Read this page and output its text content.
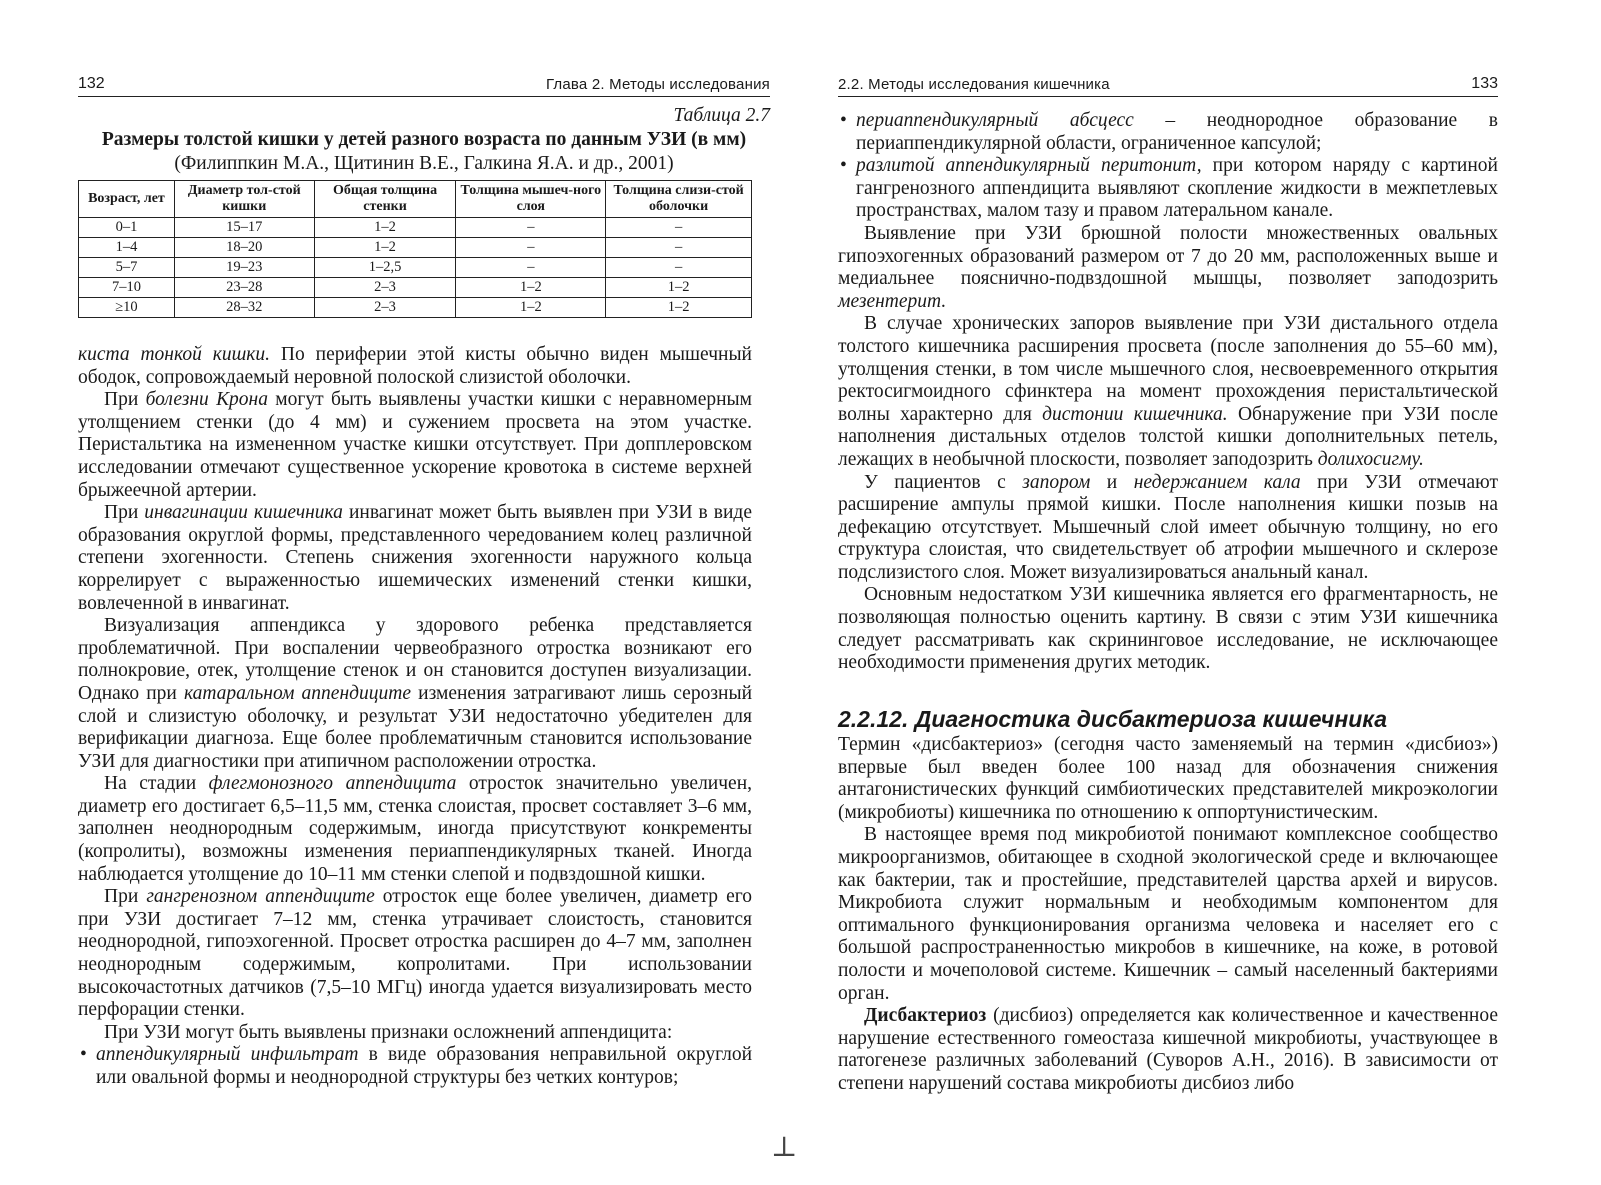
132	Глава 2. Методы исследования
Таблица 2.7
Размеры толстой кишки у детей разного возраста по данным УЗИ (в мм)
(Филиппкин М.А., Щитинин В.Е., Галкина Я.А. и др., 2001)
Возраст, лет	Диаметр тол-стой кишки	Общая толщина стенки	Толщина мышеч-ного слоя	Толщина слизи-стой оболочки
0–1	15–17	1–2	–	–
1–4	18–20	1–2	–	–
5–7	19–23	1–2,5	–	–
7–10	23–28	2–3	1–2	1–2
≥10	28–32	2–3	1–2	1–2

киста тонкой кишки. По периферии этой кисты обычно виден мышечный ободок, сопровождаемый неровной полоской слизистой оболочки.

При болезни Крона могут быть выявлены участки кишки с неравномерным утолщением стенки (до 4 мм) и сужением просвета на этом участке. Перистальтика на измененном участке кишки отсутствует. При допплеровском исследовании отмечают существенное ускорение кровотока в системе верхней брыжеечной артерии.

При инвагинации кишечника инвагинат может быть выявлен при УЗИ в виде образования округлой формы, представленного чередованием колец различной степени эхогенности. Степень снижения эхогенности наружного кольца коррелирует с выраженностью ишемических изменений стенки кишки, вовлеченной в инвагинат.

Визуализация аппендикса у здорового ребенка представляется проблематичной. При воспалении червеобразного отростка возникают его полнокровие, отек, утолщение стенок и он становится доступен визуализации. Однако при катаральном аппендиците изменения затрагивают лишь серозный слой и слизистую оболочку, и результат УЗИ недостаточно убедителен для верификации диагноза. Еще более проблематичным становится использование УЗИ для диагностики при атипичном расположении отростка.

На стадии флегмонозного аппендицита отросток значительно увеличен, диаметр его достигает 6,5–11,5 мм, стенка слоистая, просвет составляет 3–6 мм, заполнен неоднородным содержимым, иногда присутствуют конкременты (копролиты), возможны изменения периаппендикулярных тканей. Иногда наблюдается утолщение до 10–11 мм стенки слепой и подвздошной кишки.

При гангренозном аппендиците отросток еще более увеличен, диаметр его при УЗИ достигает 7–12 мм, стенка утрачивает слоистость, становится неоднородной, гипоэхогенной. Просвет отростка расширен до 4–7 мм, заполнен неоднородным содержимым, копролитами. При использовании высокочастотных датчиков (7,5–10 МГц) иногда удается визуализировать место перфорации стенки.

При УЗИ могут быть выявлены признаки осложнений аппендицита:

• аппендикулярный инфильтрат в виде образования неправильной округлой или овальной формы и неоднородной структуры без четких контуров;
2.2. Методы исследования кишечника	133
• периаппендикулярный абсцесс – неоднородное образование в периаппендикулярной области, ограниченное капсулой;
• разлитой аппендикулярный перитонит, при котором наряду с картиной гангренозного аппендицита выявляют скопление жидкости в межпетлевых пространствах, малом тазу и правом латеральном канале.

Выявление при УЗИ брюшной полости множественных овальных гипоэхогенных образований размером от 7 до 20 мм, расположенных выше и медиальнее пояснично-подвздошной мышцы, позволяет заподозрить мезентерит.

В случае хронических запоров выявление при УЗИ дистального отдела толстого кишечника расширения просвета (после заполнения до 55–60 мм), утолщения стенки, в том числе мышечного слоя, несвоевременного открытия ректосигмоидного сфинктера на момент прохождения перистальтической волны характерно для дистонии кишечника. Обнаружение при УЗИ после наполнения дистальных отделов толстой кишки дополнительных петель, лежащих в необычной плоскости, позволяет заподозрить долихосигму.

У пациентов с запором и недержанием кала при УЗИ отмечают расширение ампулы прямой кишки. После наполнения кишки позыв на дефекацию отсутствует. Мышечный слой имеет обычную толщину, но его структура слоистая, что свидетельствует об атрофии мышечного и склерозе подслизистого слоя. Может визуализироваться анальный канал.

Основным недостатком УЗИ кишечника является его фрагментарность, не позволяющая полностью оценить картину. В связи с этим УЗИ кишечника следует рассматривать как скрининговое исследование, не исключающее необходимости применения других методик.

2.2.12. Диагностика дисбактериоза кишечника

Термин «дисбактериоз» (сегодня часто заменяемый на термин «дисбиоз») впервые был введен более 100 назад для обозначения снижения антагонистических функций симбиотических представителей микроэкологии (микробиоты) кишечника по отношению к оппортунистическим.

В настоящее время под микробиотой понимают комплексное сообщество микроорганизмов, обитающее в сходной экологической среде и включающее как бактерии, так и простейшие, представителей царства архей и вирусов. Микробиота служит нормальным и необходимым компонентом для оптимального функционирования организма человека и населяет его с большой распространенностью микробов в кишечнике, на коже, в ротовой полости и мочеполовой системе. Кишечник – самый населенный бактериями орган.

Дисбактериоз (дисбиоз) определяется как количественное и качественное нарушение естественного гомеостаза кишечной микробиоты, участвующее в патогенезе различных заболеваний (Суворов А.Н., 2016). В зависимости от степени нарушений состава микробиоты дисбиоз либо

⊥
